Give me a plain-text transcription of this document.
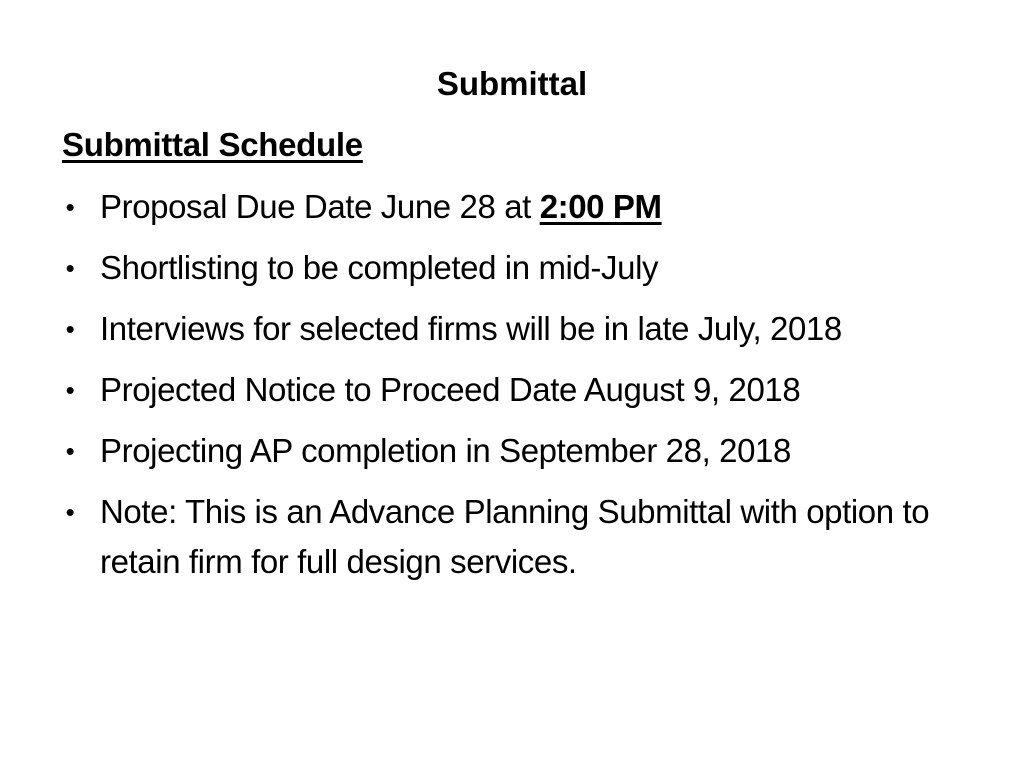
Submittal
Submittal Schedule
• Proposal Due Date June 28 at 2:00 PM
• Shortlisting to be completed in mid-July
• Interviews for selected firms will be in late July, 2018
• Projected Notice to Proceed Date August 9, 2018
• Projecting AP completion in September 28, 2018
• Note: This is an Advance Planning Submittal with option to retain firm for full design services.
